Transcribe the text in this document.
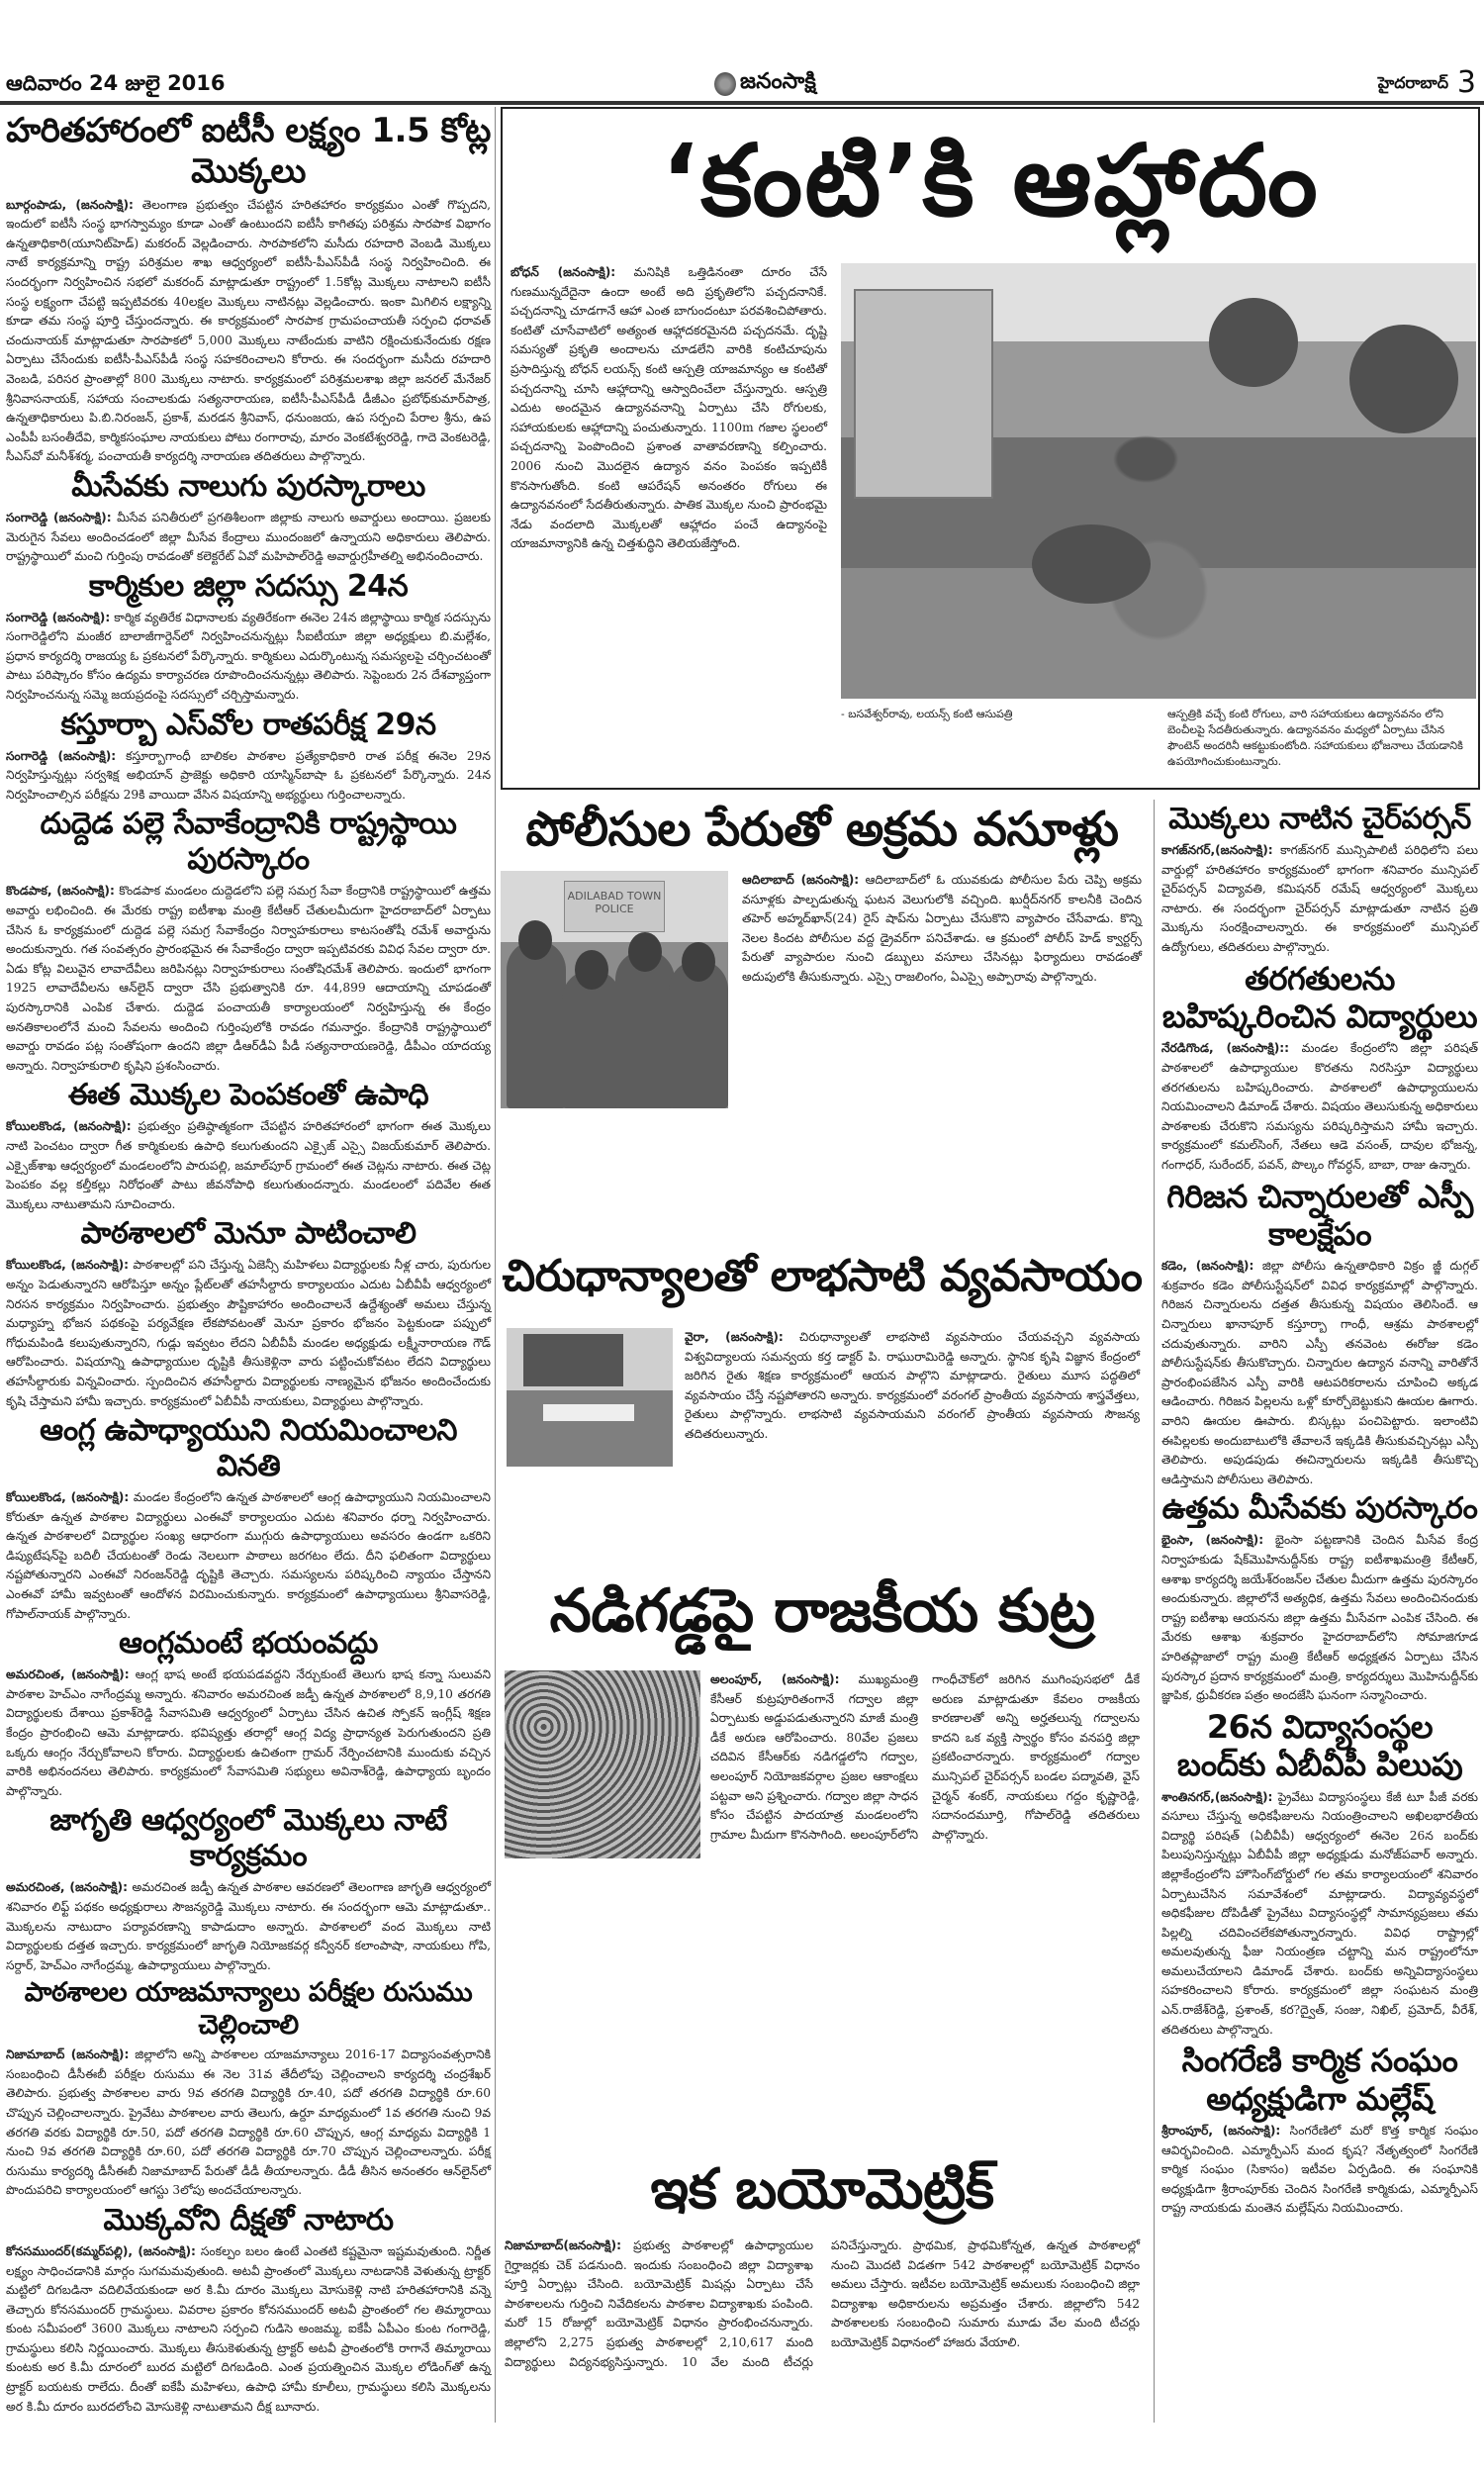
ఆదివారం 24 జులై 2016	జనంసాక్షి	హైదరాబాద్ 3
హరితహారంలో ఐటీసీ లక్ష్యం 1.5 కోట్ల మొక్కలు

బూర్గంపాడు, (జనంసాక్షి): తెలంగాణ ప్రభుత్వం చేపట్టిన హరితహారం కార్యక్రమం ఎంతో గొప్పదని, ఇందులో ఐటీసీ సంస్థ భాగస్వామ్యం కూడా ఎంతో ఉంటుందని ఐటీసీ కాగితపు పరిశ్రమ సారపాక విభాగం ఉన్నతాధికారి(యూనిట్‌హెడ్‌) మకరంద్‌ వెల్లడించారు. సారపాకలోని మసీదు రహదారి వెంబడి మొక్కలు నాటే కార్యక్రమాన్ని రాష్ట్ర పరిశ్రమల శాఖ ఆధ్వర్యంలో ఐటీసీ-పీఎస్‌పీడీ సంస్థ నిర్వహించింది. ఈ సందర్భంగా నిర్వహించిన సభలో మకరంద్‌ మాట్లాడుతూ రాష్ట్రంలో 1.5కోట్ల మొక్కలు నాటాలని ఐటీసీ సంస్థ లక్ష్యంగా చేపట్టి ఇప్పటివరకు 40లక్షల మొక్కలు నాటినట్లు వెల్లడించారు. ఇంకా మిగిలిన లక్ష్యాన్ని కూడా తమ సంస్థ పూర్తి చేస్తుందన్నారు. ఈ కార్యక్రమంలో సారపాక గ్రామపంచాయతీ సర్పంచి ధరావత్‌ చందునాయక్‌ మాట్లాడుతూ సారపాకలో 5,000 మొక్కలు నాటేందుకు వాటిని రక్షించుకునేందుకు రక్షణ ఏర్పాటు చేసేందుకు ఐటీసీ-పీఎస్‌పీడీ సంస్థ సహకరించాలని కోరారు. ఈ సందర్భంగా మసీదు రహదారి వెంబడి, పరిసర ప్రాంతాల్లో 800 మొక్కలు నాటారు. కార్యక్రమంలో పరిశ్రమలశాఖ జిల్లా జనరల్‌ మేనేజర్‌ శ్రీనివాసనాయక్‌, సహాయ సంచాలకుడు సత్యనారాయణ, ఐటీసీ-పీఎస్‌పీడీ డీజీఎం ప్రబోధ్‌కుమార్‌పాత్ర, ఉన్నతాధికారులు పి.బి.నిరంజన్‌, ప్రకాశ్‌, మరడన శ్రీనివాస్‌, ధనుంజయ, ఉప సర్పంచి పేరాల శ్రీను, ఉప ఎంపీపీ బసంతీదేవి, కార్మికసంఘాల నాయకులు పోటు రంగారావు, మారం వెంకటేశ్వరరెడ్డి, గాదె వెంకటరెడ్డి, సీఎస్‌వో మనీశ్‌శర్మ, పంచాయతీ కార్యదర్శి నారాయణ తదితరులు పాల్గొన్నారు.

మీసేవకు నాలుగు పురస్కారాలు

సంగారెడ్డి (జనంసాక్షి): మీసేవ పనితీరులో ప్రగతిశీలంగా జిల్లాకు నాలుగు అవార్డులు అందాయి. ప్రజలకు మెరుగైన సేవలు అందించడంలో జిల్లా మీసేవ కేంద్రాలు ముందంజలో ఉన్నాయని అధికారులు తెలిపారు. రాష్ట్రస్థాయిలో మంచి గుర్తింపు రావడంతో కలెక్టరేట్‌ ఏవో మహిపాల్‌రెడ్డి అవార్డుగ్రహీతల్ని అభినందించారు.

కార్మికుల జిల్లా సదస్సు 24న

సంగారెడ్డి (జనంసాక్షి): కార్మిక వ్యతిరేక విధానాలకు వ్యతిరేకంగా ఈనెల 24న జిల్లాస్థాయి కార్మిక సదస్సును సంగారెడ్డిలోని మంజీర బాలాజీగార్డెన్‌లో నిర్వహించనున్నట్లు సీఐటీయూ జిల్లా అధ్యక్షులు బి.మల్లేశం, ప్రధాన కార్యదర్శి రాజయ్య ఓ ప్రకటనలో పేర్కొన్నారు. కార్మికులు ఎదుర్కొంటున్న సమస్యలపై చర్చించటంతో పాటు పరిష్కారం కోసం ఉద్యమ కార్యాచరణ రూపొందించనున్నట్లు తెలిపారు. సెప్టెంబరు 2న దేశవ్యాప్తంగా నిర్వహించనున్న సమ్మె జయప్రదంపై సదస్సులో చర్చిస్తామన్నారు.

కస్తూర్బా ఎస్‌వోల రాతపరీక్ష 29న

సంగారెడ్డి (జనంసాక్షి): కస్తూర్బాగాంధీ బాలికల పాఠశాల ప్రత్యేకాధికారి రాత పరీక్ష ఈనెల 29న నిర్వహిస్తున్నట్లు సర్వశిక్ష అభియాన్‌ ప్రాజెక్టు అధికారి యాస్మిన్‌బాషా ఓ ప్రకటనలో పేర్కొన్నారు. 24న నిర్వహించాల్సిన పరీక్షను 29కి వాయిదా వేసిన విషయాన్ని అభ్యర్థులు గుర్తించాలన్నారు.

దుద్దెడ పల్లె సేవాకేంద్రానికి రాష్ట్రస్థాయి పురస్కారం

కొండపాక, (జనంసాక్షి): కొండపాక మండలం దుద్దెడలోని పల్లె సమగ్ర సేవా కేంద్రానికి రాష్ట్రస్థాయిలో ఉత్తమ అవార్డు లభించింది. ఈ మేరకు రాష్ట్ర ఐటీశాఖ మంత్రి కేటీఆర్‌ చేతులమీదుగా హైదరాబాద్‌లో ఏర్పాటు చేసిన ఓ కార్యక్రమంలో దుద్దెడ పల్లె సమగ్ర సేవాకేంద్రం నిర్వాహకురాలు కాటసంతోషీ రమేశ్‌ అవార్డును అందుకున్నారు. గత సంవత్సరం ప్రారంభమైన ఈ సేవాకేంద్రం ద్వారా ఇప్పటివరకు వివిధ సేవల ద్వారా రూ. ఏడు కోట్ల విలువైన లావాదేవీలు జరిపినట్లు నిర్వాహకురాలు సంతోషిరమేశ్‌ తెలిపారు. ఇందులో భాగంగా 1925 లావాదేవీలను ఆన్‌లైన్‌ ద్వారా చేసి ప్రభుత్వానికి రూ. 44,899 ఆదాయాన్ని చూపడంతో పురస్కారానికి ఎంపిక చేశారు. దుద్దెడ పంచాయతీ కార్యాలయంలో నిర్వహిస్తున్న ఈ కేంద్రం అనతికాలంలోనే మంచి సేవలను అందించి గుర్తింపులోకి రావడం గమనార్హం. కేంద్రానికి రాష్ట్రస్థాయిలో అవార్డు రావడం పట్ల సంతోషంగా ఉందని జిల్లా డీఆర్‌డీఏ పీడీ సత్యనారాయణరెడ్డి, డీపీఎం యాదయ్య అన్నారు. నిర్వాహకురాలి కృషిని ప్రశంసించారు.

ఈత మొక్కల పెంపకంతో ఉపాధి

కోయిలకొండ, (జనంసాక్షి): ప్రభుత్వం ప్రతిష్ఠాత్మకంగా చేపట్టిన హరితహారంలో భాగంగా ఈత మొక్కలు నాటి పెంచటం ద్వారా గీత కార్మికులకు ఉపాధి కలుగుతుందని ఎక్సైజ్‌ ఎస్సై విజయ్‌కుమార్‌ తెలిపారు. ఎక్సైజ్‌శాఖ ఆధ్వర్యంలో మండలంలోని పారుపల్లి, జమాల్‌పూర్‌ గ్రామంలో ఈత చెట్లను నాటారు. ఈత చెట్ల పెంపకం వల్ల కల్తీకల్లు నిరోధంతో పాటు జీవనోపాధి కలుగుతుందన్నారు. మండలంలో పదివేల ఈత మొక్కలు నాటుతామని సూచించారు.

పాఠశాలలో మెనూ పాటించాలి

కోయిలకొండ, (జనంసాక్షి): పాఠశాలల్లో పని చేస్తున్న ఏజెన్సీ మహిళలు విద్యార్థులకు నీళ్ల చారు, పురుగుల అన్నం పెడుతున్నారని ఆరోపిస్తూ అన్నం ప్లేట్‌లతో తహసీల్దారు కార్యాలయం ఎదుట ఏబీవీపీ ఆధ్వర్యంలో నిరసన కార్యక్రమం నిర్వహించారు. ప్రభుత్వం పౌష్టికాహారం అందించాలనే ఉద్దేశ్యంతో అమలు చేస్తున్న మధ్యాహ్న భోజన పథకంపై పర్యవేక్షణ లేకపోవటంతో మెనూ ప్రకారం భోజనం పెట్టకుండా పప్పులో గోధుమపిండి కలుపుతున్నారని, గుడ్లు ఇవ్వటం లేదని ఏబీవీపీ మండల అధ్యక్షుడు లక్ష్మీనారాయణ గౌడ్‌ ఆరోపించారు. విషయాన్ని ఉపాధ్యాయుల దృష్టికి తీసుకెళ్లినా వారు పట్టించుకోవటం లేదని విద్యార్థులు తహసీల్దారుకు విన్నవించారు. స్పందించిన తహసీల్దారు విద్యార్థులకు నాణ్యమైన భోజనం అందించేందుకు కృషి చేస్తామని హామీ ఇచ్చారు. కార్యక్రమంలో ఏబీవీపీ నాయకులు, విద్యార్థులు పాల్గొన్నారు.

ఆంగ్ల ఉపాధ్యాయుని నియమించాలని వినతి

కోయిలకొండ, (జనంసాక్షి): మండల కేంద్రంలోని ఉన్నత పాఠశాలలో ఆంగ్ల ఉపాధ్యాయుని నియమించాలని కోరుతూ ఉన్నత పాఠశాల విద్యార్థులు ఎంఈవో కార్యాలయం ఎదుట శనివారం ధర్నా నిర్వహించారు. ఉన్నత పాఠశాలలో విద్యార్థుల సంఖ్య ఆధారంగా ముగ్గురు ఉపాధ్యాయులు అవసరం ఉండగా ఒకరిని డిప్యుటేషన్‌పై బదిలీ చేయటంతో రెండు నెలలుగా పాఠాలు జరగటం లేదు. దీని ఫలితంగా విద్యార్థులు నష్టపోతున్నారని ఎంఈవో నిరంజన్‌రెడ్డి దృష్టికి తెచ్చారు. సమస్యలను పరిష్కరించి న్యాయం చేస్తానని ఎంఈవో హామీ ఇవ్వటంతో ఆందోళన విరమించుకున్నారు. కార్యక్రమంలో ఉపాధ్యాయులు శ్రీనివాసరెడ్డి, గోపాల్‌నాయక్‌ పాల్గొన్నారు.

ఆంగ్లమంటే భయంవద్దు

అమరచింత, (జనంసాక్షి): ఆంగ్ల భాష అంటే భయపడవద్దని నేర్చుకుంటే తెలుగు భాష కన్నా సులువని పాఠశాల హెచ్‌ఎం నాగేంద్రమ్మ అన్నారు. శనివారం అమరచింత జడ్పీ ఉన్నత పాఠశాలలో 8,9,10 తరగతి విద్యార్థులకు దేశాయి ప్రకాశ్‌రెడ్డి సేవాసమితి ఆధ్వర్యంలో ఏర్పాటు చేసిన ఉచిత స్పోకన్‌ ఇంగ్లీష్‌ శిక్షణ కేంద్రం ప్రారంభించి ఆమె మాట్లాడారు. భవిష్యత్తు తరాల్లో ఆంగ్ల విద్య ప్రాధాన్యత పెరుగుతుందని ప్రతి ఒక్కరు ఆంగ్లం నేర్చుకోవాలని కోరారు. విద్యార్థులకు ఉచితంగా గ్రామర్‌ నేర్పించటానికి ముందుకు వచ్చిన వారికి అభినందనలు తెలిపారు. కార్యక్రమంలో సేవాసమితి సభ్యులు అవినాశ్‌రెడ్డి, ఉపాధ్యాయ బృందం పాల్గొన్నారు.

జాగృతి ఆధ్వర్యంలో మొక్కలు నాటే కార్యక్రమం

అమరచింత, (జనంసాక్షి): అమరచింత జడ్పీ ఉన్నత పాఠశాల ఆవరణలో తెలంగాణ జాగృతి ఆధ్వర్యంలో శనివారం లిఫ్ట్‌ పథకం అధ్యక్షురాలు సౌజన్యరెడ్డి మొక్కలు నాటారు. ఈ సందర్భంగా ఆమె మాట్లాడుతూ.. మొక్కలను నాటుదాం పర్యావరణాన్ని కాపాడుదాం అన్నారు. పాఠశాలలో వంద మొక్కలు నాటి విద్యార్థులకు దత్తత ఇచ్చారు. కార్యక్రమంలో జాగృతి నియోజకవర్గ కన్వీనర్‌ కలాంపాషా, నాయకులు గోపి, సర్దార్‌, హెచ్‌ఎం నాగేంద్రమ్మ, ఉపాధ్యాయులు పాల్గొన్నారు.

పాఠశాలల యాజమాన్యాలు పరీక్షల రుసుము చెల్లించాలి

నిజామాబాద్‌ (జనంసాక్షి): జిల్లాలోని అన్ని పాఠశాలల యాజమాన్యాలు 2016-17 విద్యాసంవత్సరానికి సంబంధించి డీసీఈబీ పరీక్షల రుసుము ఈ నెల 31వ తేదీలోపు చెల్లించాలని కార్యదర్శి చంద్రశేఖర్‌ తెలిపారు. ప్రభుత్వ పాఠశాలల వారు 9వ తరగతి విద్యార్థికి రూ.40, పదో తరగతి విద్యార్థికి రూ.60 చొప్పున చెల్లించాలన్నారు. ప్రైవేటు పాఠశాలల వారు తెలుగు, ఉర్దూ మాధ్యమంలో 1వ తరగతి నుంచి 9వ తరగతి వరకు విద్యార్థికి రూ.50, పదో తరగతి విద్యార్థికి రూ.60 చొప్పున, ఆంగ్ల మాధ్యమ విద్యార్థికి 1 నుంచి 9వ తరగతి విద్యార్థికి రూ.60, పదో తరగతి విద్యార్థికి రూ.70 చొప్పున చెల్లించాలన్నారు. పరీక్ష రుసుము కార్యదర్శి డీసీఈబీ నిజామాబాద్‌ పేరుతో డీడీ తీయాలన్నారు. డీడీ తీసిన అనంతరం ఆన్‌లైన్‌లో పొందుపరిచి కార్యాలయంలో ఆగస్టు 3లోపు అందచేయాలన్నారు.

మొక్కవోని దీక్షతో నాటారు

కోనసముందర్‌(కమ్మర్‌పల్లి), (జనంసాక్షి): సంకల్పం బలం ఉంటే ఎంతటి కష్టమైనా ఇష్టమవుతుంది. నిర్ణీత లక్ష్యం సాధించడానికి మార్గం సుగమమవుతుంది. అటవీ ప్రాంతంలో మొక్కలు నాటడానికి వెళుతున్న ట్రాక్టర్‌ మట్టిలో దిగబడినా వదిలివేయకుండా అర కి.మీ దూరం మొక్కలు మోసుకెళ్లి నాటి హరితహారానికి వన్నె తెచ్చారు కోనసముందర్‌ గ్రామస్థులు. వివరాల ప్రకారం కోనసముందర్‌ అటవీ ప్రాంతంలో గల తిమ్మారాయి కుంట సమీపంలో 3600 మొక్కలు నాటాలని సర్పంచి గుడిసె అంజమ్మ, ఐకేపీ ఏపీఎం కుంట గంగారెడ్డి, గ్రామస్థులు కలిసి నిర్ణయించారు. మొక్కలు తీసుకెళుతున్న ట్రాక్టర్‌ అటవీ ప్రాంతంలోకి రాగానే తిమ్మారాయి కుంటకు అర కి.మీ దూరంలో బురద మట్టిలో దిగబడింది. ఎంత ప్రయత్నించిన మొక్కల లోడింగ్‌తో ఉన్న ట్రాక్టర్‌ బయటకు రాలేదు. దీంతో ఐకేపీ మహిళలు, ఉపాధి హామీ కూలీలు, గ్రామస్థులు కలిసి మొక్కలను అర కి.మీ దూరం బురదలోంచి మోసుకెళ్లి నాటుతామని దీక్ష బూనారు.

‘కంటి’కి ఆహ్లాదం

బోధన్‌ (జనంసాక్షి): మనిషికి ఒత్తిడినంతా దూరం చేసే గుణమున్నదేదైనా ఉందా అంటే అది ప్రకృతిలోని పచ్చదనానికే. పచ్చదనాన్ని చూడగానే ఆహా ఎంత బాగుందంటూ పరవశించిపోతారు. కంటితో చూసేవాటిలో అత్యంత ఆహ్లాదకరమైనది పచ్చదనమే. దృష్టి సమస్యతో ప్రకృతి అందాలను చూడలేని వారికి కంటిచూపును ప్రసాదిస్తున్న బోధన్‌ లయన్స్‌ కంటి ఆస్పత్రి యాజమాన్యం ఆ కంటితో పచ్చదనాన్ని చూసి ఆహ్లాదాన్ని ఆస్వాదించేలా చేస్తున్నారు. ఆస్పత్రి ఎదుట అందమైన ఉద్యానవనాన్ని ఏర్పాటు చేసి రోగులకు, సహాయకులకు ఆహ్లాదాన్ని పంచుతున్నారు. 1100m గజాల స్థలంలో పచ్చదనాన్ని పెంపొందించి ప్రశాంత వాతావరణాన్ని కల్పించారు. 2006 నుంచి మొదలైన ఉద్యాన వనం పెంపకం ఇప్పటికీ కొనసాగుతోంది. కంటి ఆపరేషన్‌ అనంతరం రోగులు ఈ ఉద్యానవనంలో సేదతీరుతున్నారు. పాతిక మొక్కల నుంచి ప్రారంభమై నేడు వందలాది మొక్కలతో ఆహ్లాదం పంచే ఉద్యానంపై యాజమాన్యానికి ఉన్న చిత్తశుద్ధిని తెలియజేస్తోంది.

- బసవేశ్వర్‌రావు, లయన్స్‌ కంటి ఆసుపత్రి	ఆస్పత్రికి వచ్చే కంటి రోగులు, వారి సహాయకులు ఉద్యానవనం లోని బెంచీలపై సేదతీరుతున్నారు. ఉద్యానవనం మధ్యలో ఏర్పాటు చేసిన ఫౌంటెన్‌ అందరినీ ఆకట్టుకుంటోంది. సహాయకులు భోజనాలు చేయడానికి ఉపయోగించుకుంటున్నారు.

పోలీసుల పేరుతో అక్రమ వసూళ్లు
ADILABAD TOWN POLICE

ఆదిలాబాద్‌ (జనంసాక్షి): ఆదిలాబాద్‌లో ఓ యువకుడు పోలీసుల పేరు చెప్పి అక్రమ వసూళ్లకు పాల్పడుతున్న ఘటన వెలుగులోకి వచ్చింది. ఖుర్షీద్‌నగర్‌ కాలనీకి చెందిన తహెర్‌ అహ్మద్‌ఖాన్‌(24) రైస్‌ షాప్‌ను ఏర్పాటు చేసుకొని వ్యాపారం చేసేవాడు. కొన్ని నెలల కిందట పోలీసుల వద్ద డ్రైవర్‌గా పనిచేశాడు. ఆ క్రమంలో పోలీస్‌ హెడ్‌ క్వార్టర్స్‌ పేరుతో వ్యాపారుల నుంచి డబ్బులు వసూలు చేసినట్లు ఫిర్యాదులు రావడంతో అదుపులోకి తీసుకున్నారు. ఎస్సై రాజలింగం, ఏఎస్సై అప్పారావు పాల్గొన్నారు.

చిరుధాన్యాలతో లాభసాటి వ్యవసాయం

వైరా, (జనంసాక్షి): చిరుధాన్యాలతో లాభసాటి వ్యవసాయం చేయవచ్చని వ్యవసాయ విశ్వవిద్యాలయ సమన్వయ కర్త డాక్టర్‌ పి. రాఘురామిరెడ్డి అన్నారు. స్థానిక కృషి విజ్ఞాన కేంద్రంలో జరిగిన రైతు శిక్షణ కార్యక్రమంలో ఆయన పాల్గొని మాట్లాడారు. రైతులు మూస పద్ధతిలో వ్యవసాయం చేస్తే నష్టపోతారని అన్నారు. కార్యక్రమంలో వరంగల్‌ ప్రాంతీయ వ్యవసాయ శాస్త్రవేత్తలు, రైతులు పాల్గొన్నారు. లాభసాటి వ్యవసాయమని వరంగల్‌ ప్రాంతీయ వ్యవసాయ సౌజన్య తదితరులున్నారు.

నడిగడ్డపై రాజకీయ కుట్ర

అలంపూర్‌, (జనంసాక్షి): ముఖ్యమంత్రి కేసీఆర్‌ కుట్రపూరితంగానే గద్వాల జిల్లా ఏర్పాటుకు అడ్డుపడుతున్నారని మాజీ మంత్రి డీకే అరుణ ఆరోపించారు. 80వేల ప్రజలు చదివిన కేసీఆర్‌కు నడిగడ్డలోని గద్వాల, అలంపూర్‌ నియోజకవర్గాల ప్రజల ఆకాంక్షలు పట్టవా అని ప్రశ్నించారు. గద్వాల జిల్లా సాధన కోసం చేపట్టిన పాదయాత్ర మండలంలోని గ్రామాల మీదుగా కొనసాగింది. అలంపూర్‌లోని గాంధీచౌక్‌లో జరిగిన ముగింపుసభలో డీకే అరుణ మాట్లాడుతూ కేవలం రాజకీయ కారణాలతో అన్ని అర్హతలున్న గద్వాలను కాదని ఒక వ్యక్తి స్వార్థం కోసం వనపర్తి జిల్లా ప్రకటించారన్నారు. కార్యక్రమంలో గద్వాల మున్సిపల్‌ చైర్‌పర్సన్‌ బండల పద్మావతి, వైస్‌ చైర్మన్‌ శంకర్‌, నాయకులు గద్దం కృష్ణారెడ్డి, సదానందమూర్తి, గోపాల్‌రెడ్డి తదితరులు పాల్గొన్నారు.

ఇక బయోమెట్రిక్‌

నిజామాబాద్‌(జనంసాక్షి): ప్రభుత్వ పాఠశాలల్లో ఉపాధ్యాయుల గైర్హాజర్లకు చెక్‌ పడనుంది. ఇందుకు సంబంధించి జిల్లా విద్యాశాఖ పూర్తి ఏర్పాట్లు చేసింది. బయోమెట్రిక్‌ మిషన్లు ఏర్పాటు చేసే పాఠశాలలను గుర్తించి నివేదికలను పాఠశాల విద్యాశాఖకు పంపింది. మరో 15 రోజుల్లో బయోమెట్రిక్‌ విధానం ప్రారంభించనున్నారు. జిల్లాలోని 2,275 ప్రభుత్వ పాఠశాలల్లో 2,10,617 మంది విద్యార్థులు విద్యనభ్యసిస్తున్నారు. 10 వేల మంది టీచర్లు పనిచేస్తున్నారు. ప్రాథమిక, ప్రాథమికోన్నత, ఉన్నత పాఠశాలల్లో నుంచి మొదటి విడతగా 542 పాఠశాలల్లో బయోమెట్రిక్‌ విధానం అమలు చేస్తారు. ఇటీవల బయోమెట్రిక్‌ అమలుకు సంబంధించి జిల్లా విద్యాశాఖ అధికారులను అప్రమత్తం చేశారు. జిల్లాలోని 542 పాఠశాలలకు సంబంధించి సుమారు మూడు వేల మంది టీచర్లు బయోమెట్రిక్‌ విధానంలో హాజరు వేయాలి.

మొక్కలు నాటిన చైర్‌పర్సన్‌

కాగజ్‌నగర్‌,(జనంసాక్షి): కాగజ్‌నగర్‌ మున్సిపాలిటీ పరిధిలోని పలు వార్డుల్లో హరితహారం కార్యక్రమంలో భాగంగా శనివారం మున్సిపల్‌ చైర్‌పర్సన్‌ విద్యావతి, కమిషనర్‌ రమేష్‌ ఆధ్వర్యంలో మొక్కలు నాటారు. ఈ సందర్భంగా చైర్‌పర్సన్‌ మాట్లాడుతూ నాటిన ప్రతి మొక్కను సంరక్షించాలన్నారు. ఈ కార్యక్రమంలో మున్సిపల్‌ ఉద్యోగులు, తదితరులు పాల్గొన్నారు.

తరగతులను బహిష్కరించిన విద్యార్థులు

నేరడిగొండ, (జనంసాక్షి):: మండల కేంద్రంలోని జిల్లా పరిషత్‌ పాఠశాలలో ఉపాధ్యాయుల కొరతను నిరసిస్తూ విద్యార్థులు తరగతులను బహిష్కరించారు. పాఠశాలలో ఉపాధ్యాయులను నియమించాలని డిమాండ్‌ చేశారు. విషయం తెలుసుకున్న అధికారులు పాఠశాలకు చేరుకొని సమస్యను పరిష్కరిస్తామని హామీ ఇచ్చారు. కార్యక్రమంలో కమల్‌సింగ్‌, నేతలు ఆడె వసంత్‌, దావుల భోజన్న, గంగాధర్‌, సురేందర్‌, పవన్‌, పొల్కం గోవర్ధన్‌, బాబా, రాజు ఉన్నారు.

గిరిజన చిన్నారులతో ఎస్పీ కాలక్షేపం

కడెం, (జనంసాక్షి): జిల్లా పోలీసు ఉన్నతాధికారి విక్రం జ్జీ దుగ్గల్‌ శుక్రవారం కడెం పోలీసుస్టేషన్‌లో వివిధ కార్యక్రమాల్లో పాల్గొన్నారు. గిరిజన చిన్నారులను దత్తత తీసుకున్న విషయం తెలిసిందే. ఆ చిన్నారులు ఖానాపూర్‌ కస్తూర్బా గాంధీ, ఆశ్రమ పాఠశాలల్లో చదువుతున్నారు. వారిని ఎస్పీ తనవెంట ఈరోజు కడెం పోలీసుస్టేషన్‌కు తీసుకొచ్చారు. చిన్నారుల ఉద్యాన వనాన్ని వారితోనే ప్రారంభింపజేసిన ఎస్పీ వారికి ఆటపరికరాలను చూపించి అక్కడ ఆడించారు. గిరిజన పిల్లలను ఒళ్లో కూర్చోబెట్టుకుని ఊయల ఊగారు. వారిని ఊయల ఊపారు. బిస్కట్లు పంచిపెట్టారు. ఇలాంటివి ఈపిల్లలకు అందుబాటులోకి తేవాలనే ఇక్కడికి తీసుకువచ్చినట్లు ఎస్పీ తెలిపారు. అపుడపుడు ఈచిన్నారులను ఇక్కడికి తీసుకొచ్చి ఆడిస్తామని పోలీసులు తెలిపారు.

ఉత్తమ మీసేవకు పురస్కారం

భైంసా, (జనంసాక్షి): భైంసా పట్టణానికి చెందిన మీసేవ కేంద్ర నిర్వాహకుడు షేక్‌మొహినుద్దీన్‌కు రాష్ట్ర ఐటీశాఖమంత్రి కేటీఆర్‌, ఆశాఖ కార్యదర్శి జయేశ్‌రంజన్‌ల చేతుల మీదుగా ఉత్తమ పురస్కారం అందుకున్నారు. జిల్లాలోనే అత్యధిక, ఉత్తమ సేవలు అందించినందుకు రాష్ట్ర ఐటీశాఖ ఆయనను జిల్లా ఉత్తమ మీసేవగా ఎంపిక చేసింది. ఈ మేరకు ఆశాఖ శుక్రవారం హైదరాబాద్‌లోని సోమాజిగూడ హరితప్లాజాలో రాష్ట్ర మంత్రి కేటీఆర్‌ అధ్యక్షతన ఏర్పాటు చేసిన పురస్కార ప్రదాన కార్యక్రమంలో మంత్రి, కార్యదర్శులు మొహినుద్దీన్‌కు జ్ఞాపిక, ధ్రువీకరణ పత్రం అందజేసి ఘనంగా సన్మానించారు.

26న విద్యాసంస్థల బంద్‌కు ఏబీవీపీ పిలుపు

శాంతినగర్‌,(జనంసాక్షి): ప్రైవేటు విద్యాసంస్థలు కేజీ టూ పీజీ వరకు వసూలు చేస్తున్న అధికఫీజులను నియంత్రించాలని అఖిలభారతీయ విద్యార్థి పరిషత్‌ (ఏబీవీపీ) ఆధ్వర్యంలో ఈనెల 26న బంద్‌కు పిలుపునిస్తున్నట్లు ఏబీవీపీ జిల్లా అధ్యక్షుడు మనోజ్‌పవార్‌ అన్నారు. జిల్లాకేంద్రంలోని హౌసింగ్‌బోర్డులో గల తమ కార్యాలయంలో శనివారం ఏర్పాటుచేసిన సమావేశంలో మాట్లాడారు. విద్యావ్యవస్థలో అధికఫీజుల దోపిడీతో ప్రైవేటు విద్యాసంస్థల్లో సామాన్యప్రజలు తమ పిల్లల్ని చదివించలేకపోతున్నారన్నారు. వివిధ రాష్ట్రాల్లో అమలవుతున్న ఫీజు నియంత్రణ చట్టాన్ని మన రాష్ట్రంలోనూ అమలుచేయాలని డిమాండ్‌ చేశారు. బంద్‌కు అన్నివిద్యాసంస్థలు సహకరించాలని కోరారు. కార్యక్రమంలో జిల్లా సంఘటన మంత్రి ఎన్‌.రాజేశ్‌రెడ్డి, ప్రశాంత్‌, కర?ద్వైత్‌, సంజు, నిఖిల్‌, ప్రమోద్‌, వీరేశ్‌, తదితరులు పాల్గొన్నారు.

సింగరేణి కార్మిక సంఘం అధ్యక్షుడిగా మల్లేష్‌

శ్రీరాంపూర్‌, (జనంసాక్షి): సింగరేణిలో మరో కొత్త కార్మిక సంఘం ఆవిర్భవించింది. ఎమ్మార్పీఎస్‌ మంద కృష? నేతృత్వంలో సింగరేణి కార్మిక సంఘం (సికాసం) ఇటీవల ఏర్పడింది. ఈ సంఘానికి అధ్యక్షుడిగా శ్రీరాంపూర్‌కు చెందిన సింగరేణి కార్మికుడు, ఎమ్మార్పీఎస్‌ రాష్ట్ర నాయకుడు మంతెన మల్లేష్‌ను నియమించారు.
